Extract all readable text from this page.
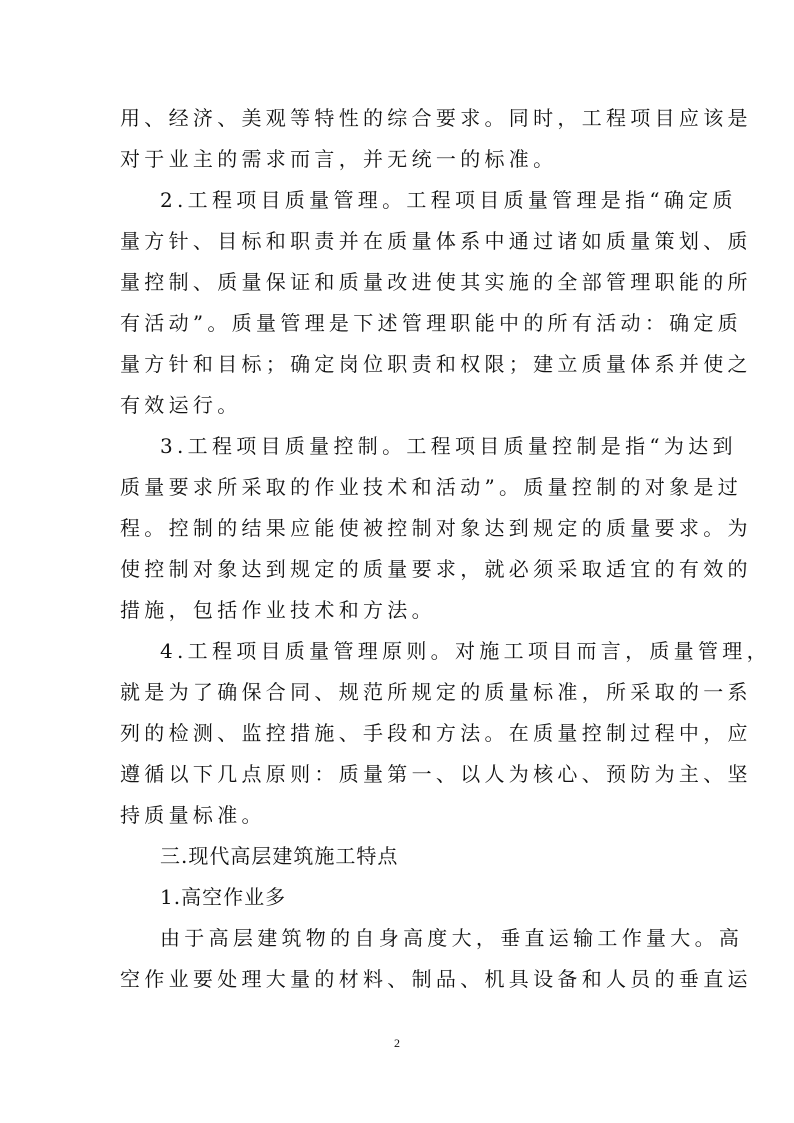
用、经济、美观等特性的综合要求。同时，工程项目应该是
对于业主的需求而言，并无统一的标准。
2.工程项目质量管理。工程项目质量管理是指“确定质
量方针、目标和职责并在质量体系中通过诸如质量策划、质
量控制、质量保证和质量改进使其实施的全部管理职能的所
有活动”。质量管理是下述管理职能中的所有活动：确定质
量方针和目标；确定岗位职责和权限；建立质量体系并使之
有效运行。
3.工程项目质量控制。工程项目质量控制是指“为达到
质量要求所采取的作业技术和活动”。质量控制的对象是过
程。控制的结果应能使被控制对象达到规定的质量要求。为
使控制对象达到规定的质量要求，就必须采取适宜的有效的
措施，包括作业技术和方法。
4.工程项目质量管理原则。对施工项目而言，质量管理，
就是为了确保合同、规范所规定的质量标准，所采取的一系
列的检测、监控措施、手段和方法。在质量控制过程中，应
遵循以下几点原则：质量第一、以人为核心、预防为主、坚
持质量标准。
三.现代高层建筑施工特点
1.高空作业多
由于高层建筑物的自身高度大，垂直运输工作量大。高
空作业要处理大量的材料、制品、机具设备和人员的垂直运
2
